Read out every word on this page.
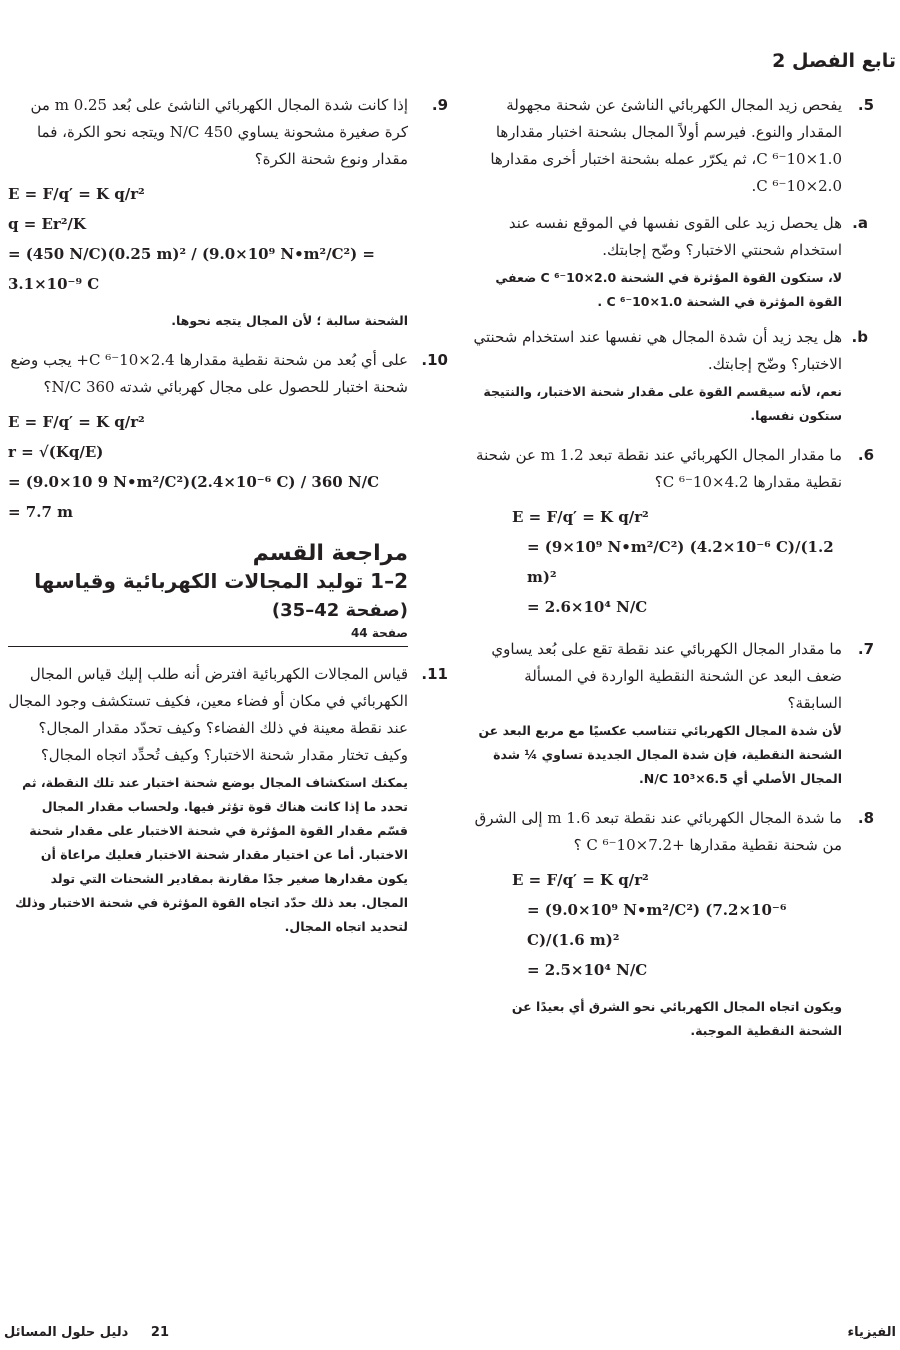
تابع الفصل 2
5.
يفحص زيد المجال الكهربائي الناشئ عن شحنة مجهولة المقدار والنوع. فيرسم أولاً المجال بشحنة اختبار مقدارها 1.0×10⁻⁶ C، ثم يكرّر عمله بشحنة اختبار أخرى مقدارها 2.0×10⁻⁶ C.
a.
هل يحصل زيد على القوى نفسها في الموقع نفسه عند استخدام شحنتي الاختبار؟ وضّح إجابتك.
لا، ستكون القوة المؤثرة في الشحنة 2.0×10⁻⁶ C ضعفي القوة المؤثرة في الشحنة 1.0×10⁻⁶ C .
b.
هل يجد زيد أن شدة المجال هي نفسها عند استخدام شحنتي الاختبار؟ وضّح إجابتك.
نعم، لأنه سيقسم القوة على مقدار شحنة الاختبار، والنتيجة ستكون نفسها.
6.
ما مقدار المجال الكهربائي عند نقطة تبعد 1.2 m عن شحنة نقطية مقدارها 4.2×10⁻⁶ C؟
E = F/q′ = K q/r²
= (9×10⁹ N•m²/C²) (4.2×10⁻⁶ C)/(1.2 m)²
= 2.6×10⁴ N/C
7.
ما مقدار المجال الكهربائي عند نقطة تقع على بُعد يساوي ضعف البعد عن الشحنة النقطية الواردة في المسألة السابقة؟
لأن شدة المجال الكهربائي تتناسب عكسيًا مع مربع البعد عن الشحنة النقطية، فإن شدة المجال الجديدة تساوي ¼ شدة المجال الأصلي أي 6.5×10³ N/C.
8.
ما شدة المجال الكهربائي عند نقطة تبعد 1.6 m إلى الشرق من شحنة نقطية مقدارها +7.2×10⁻⁶ C ؟
E = F/q′ = K q/r²
= (9.0×10⁹ N•m²/C²) (7.2×10⁻⁶ C)/(1.6 m)²
= 2.5×10⁴ N/C
ويكون اتجاه المجال الكهربائي نحو الشرق أي بعيدًا عن الشحنة النقطية الموجبة.
9.
إذا كانت شدة المجال الكهربائي الناشئ على بُعد 0.25 m من كرة صغيرة مشحونة يساوي 450 N/C ويتجه نحو الكرة، فما مقدار ونوع شحنة الكرة؟
E = F/q′ = K q/r²
q = Er²/K
= (450 N/C)(0.25 m)² / (9.0×10⁹ N•m²/C²) = 3.1×10⁻⁹ C
الشحنة سالبة ؛ لأن المجال يتجه نحوها.
10.
على أي بُعد من شحنة نقطية مقدارها 2.4×10⁻⁶ C+ يجب وضع شحنة اختبار للحصول على مجال كهربائي شدته 360 N/C؟
E = F/q′ = K q/r²
r = √(Kq/E)
= (9.0×10 9 N•m²/C²)(2.4×10⁻⁶ C) / 360 N/C
= 7.7 m
مراجعة القسم
2–1 توليد المجالات الكهربائية وقياسها
(صفحة 42–35)
صفحة 44
11.
قياس المجالات الكهربائية افترض أنه طلب إليك قياس المجال الكهربائي في مكان أو فضاء معين، فكيف تستكشف وجود المجال عند نقطة معينة في ذلك الفضاء؟ وكيف تحدّد مقدار المجال؟ وكيف تختار مقدار شحنة الاختبار؟ وكيف تُحدِّد اتجاه المجال؟
يمكنك استكشاف المجال بوضع شحنة اختبار عند تلك النقطة، ثم تحدد ما إذا كانت هناك قوة تؤثر فيها. ولحساب مقدار المجال قسّم مقدار القوة المؤثرة في شحنة الاختبار على مقدار شحنة الاختبار. أما عن اختيار مقدار شحنة الاختبار فعليك مراعاة أن يكون مقدارها صغير جدًا مقارنة بمقادير الشحنات التي تولد المجال. بعد ذلك حدّد اتجاه القوة المؤثرة في شحنة الاختبار وذلك لتحديد اتجاه المجال.
الفيزياء
21     دليل حلول المسائل
